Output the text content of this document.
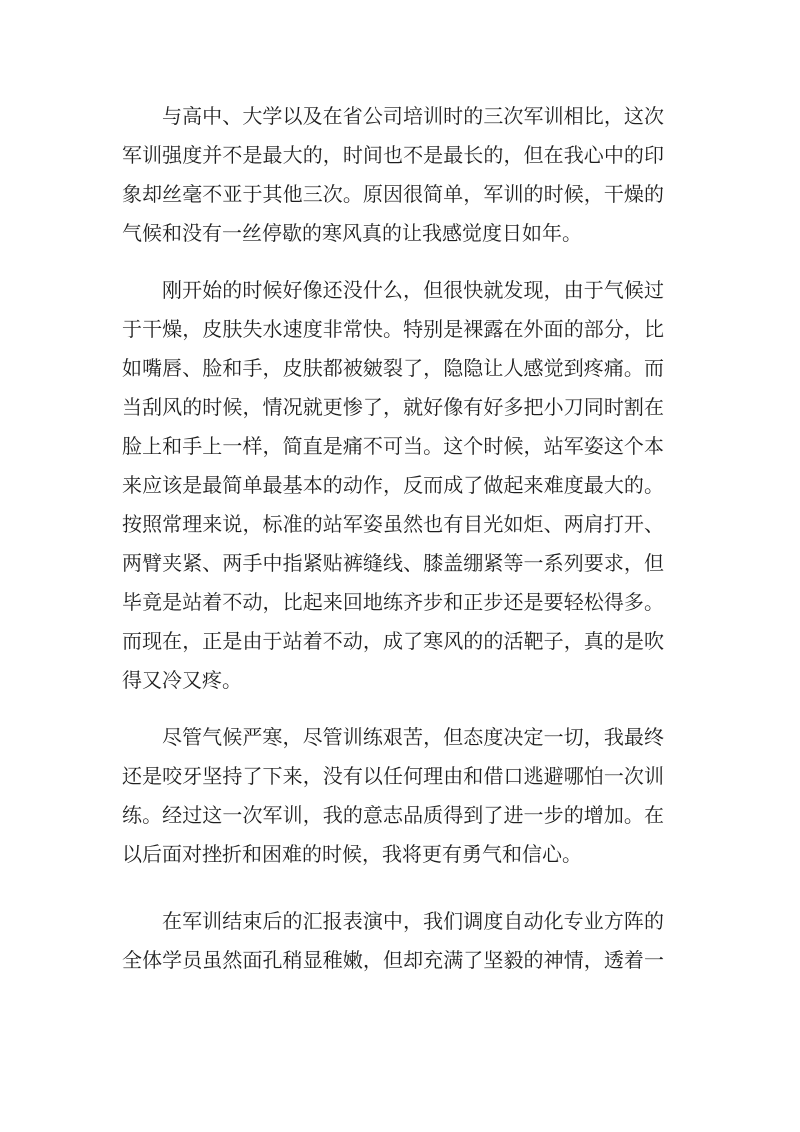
与高中、大学以及在省公司培训时的三次军训相比，这次
军训强度并不是最大的，时间也不是最长的，但在我心中的印
象却丝毫不亚于其他三次。原因很简单，军训的时候，干燥的
气候和没有一丝停歇的寒风真的让我感觉度日如年。
刚开始的时候好像还没什么，但很快就发现，由于气候过
于干燥，皮肤失水速度非常快。特别是裸露在外面的部分，比
如嘴唇、脸和手，皮肤都被皴裂了，隐隐让人感觉到疼痛。而
当刮风的时候，情况就更惨了，就好像有好多把小刀同时割在
脸上和手上一样，简直是痛不可当。这个时候，站军姿这个本
来应该是最简单最基本的动作，反而成了做起来难度最大的。
按照常理来说，标准的站军姿虽然也有目光如炬、两肩打开、
两臂夹紧、两手中指紧贴裤缝线、膝盖绷紧等一系列要求，但
毕竟是站着不动，比起来回地练齐步和正步还是要轻松得多。
而现在，正是由于站着不动，成了寒风的的活靶子，真的是吹
得又冷又疼。
尽管气候严寒，尽管训练艰苦，但态度决定一切，我最终
还是咬牙坚持了下来，没有以任何理由和借口逃避哪怕一次训
练。经过这一次军训，我的意志品质得到了进一步的增加。在
以后面对挫折和困难的时候，我将更有勇气和信心。
在军训结束后的汇报表演中，我们调度自动化专业方阵的
全体学员虽然面孔稍显稚嫩，但却充满了坚毅的神情，透着一
